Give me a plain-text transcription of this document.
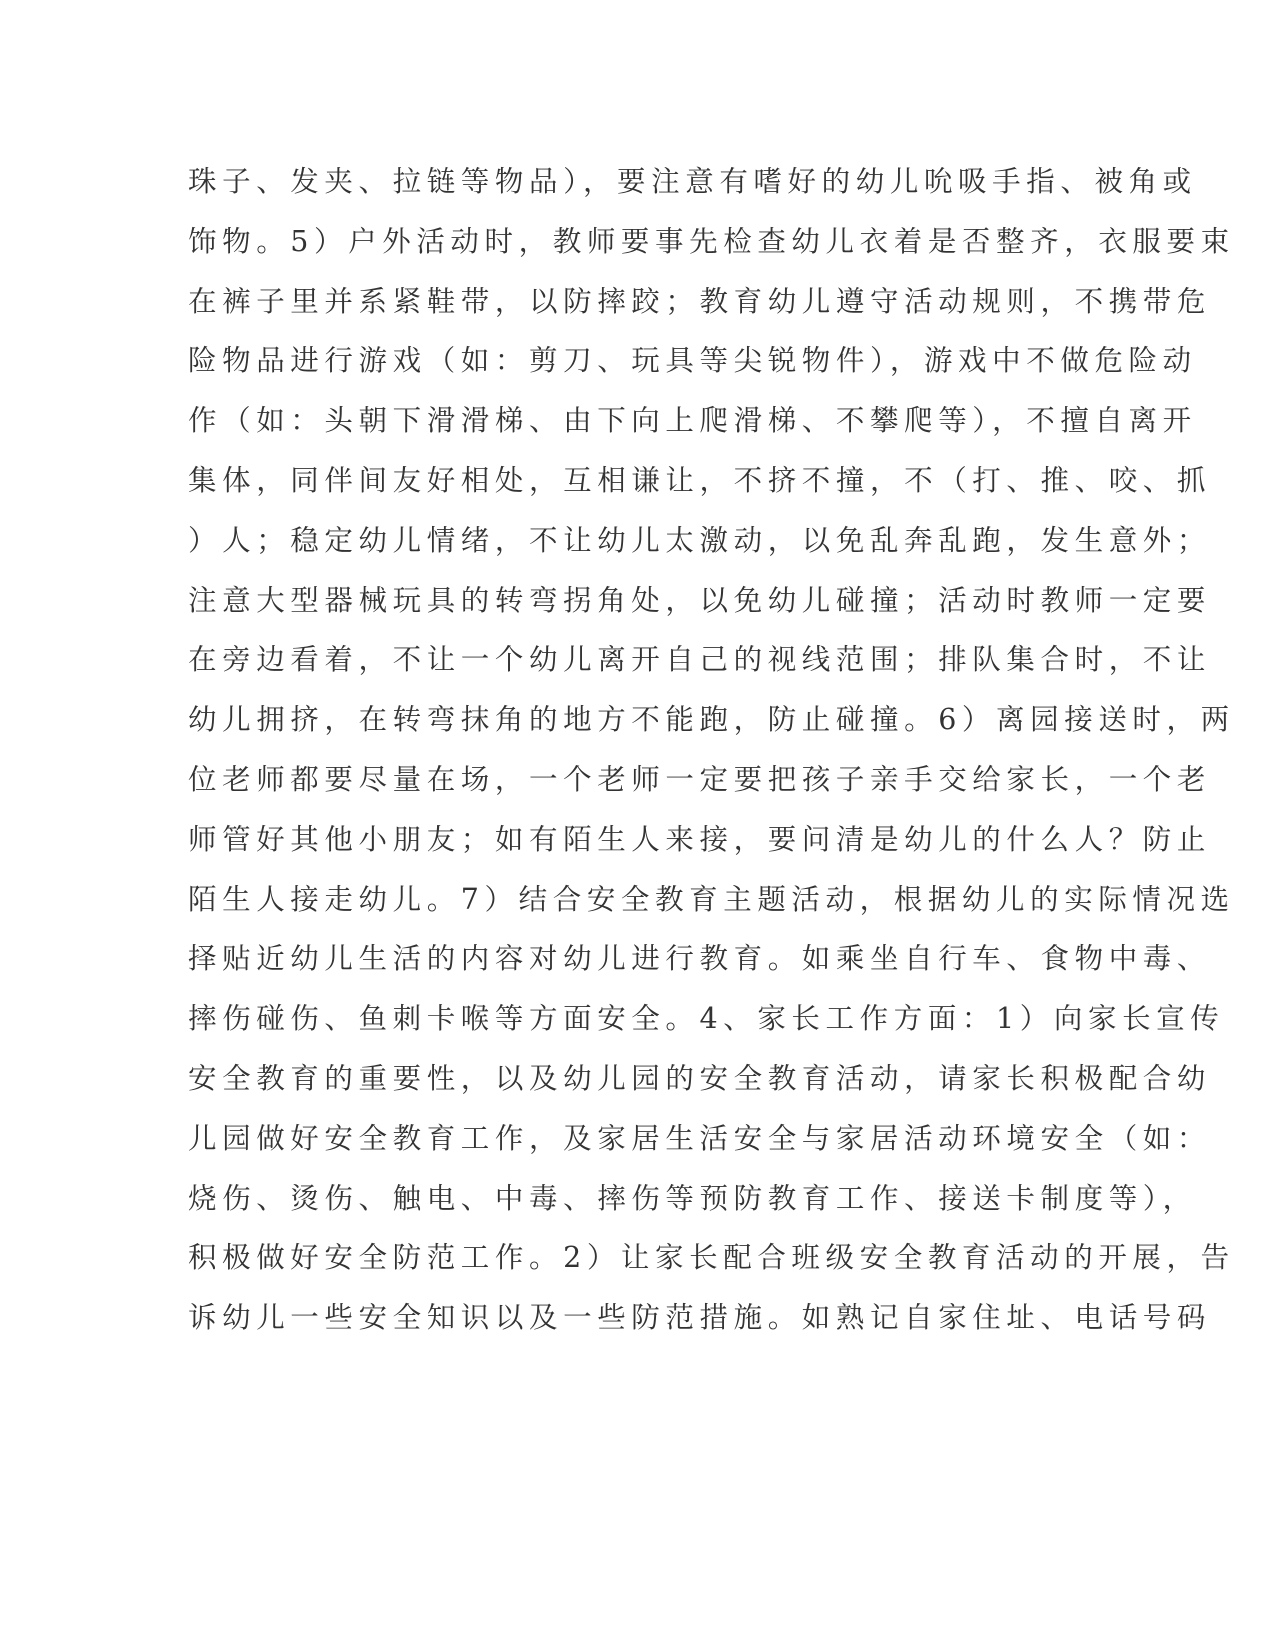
珠子、发夹、拉链等物品），要注意有嗜好的幼儿吮吸手指、被角或
饰物。5）户外活动时，教师要事先检查幼儿衣着是否整齐，衣服要束
在裤子里并系紧鞋带，以防摔跤；教育幼儿遵守活动规则，不携带危
险物品进行游戏（如：剪刀、玩具等尖锐物件），游戏中不做危险动
作（如：头朝下滑滑梯、由下向上爬滑梯、不攀爬等），不擅自离开
集体，同伴间友好相处，互相谦让，不挤不撞，不（打、推、咬、抓
）人；稳定幼儿情绪，不让幼儿太激动，以免乱奔乱跑，发生意外；
注意大型器械玩具的转弯拐角处，以免幼儿碰撞；活动时教师一定要
在旁边看着，不让一个幼儿离开自己的视线范围；排队集合时，不让
幼儿拥挤，在转弯抹角的地方不能跑，防止碰撞。6）离园接送时，两
位老师都要尽量在场，一个老师一定要把孩子亲手交给家长，一个老
师管好其他小朋友；如有陌生人来接，要问清是幼儿的什么人？防止
陌生人接走幼儿。7）结合安全教育主题活动，根据幼儿的实际情况选
择贴近幼儿生活的内容对幼儿进行教育。如乘坐自行车、食物中毒、
摔伤碰伤、鱼刺卡喉等方面安全。4、家长工作方面：1）向家长宣传
安全教育的重要性，以及幼儿园的安全教育活动，请家长积极配合幼
儿园做好安全教育工作，及家居生活安全与家居活动环境安全（如：
烧伤、烫伤、触电、中毒、摔伤等预防教育工作、接送卡制度等），
积极做好安全防范工作。2）让家长配合班级安全教育活动的开展，告
诉幼儿一些安全知识以及一些防范措施。如熟记自家住址、电话号码
